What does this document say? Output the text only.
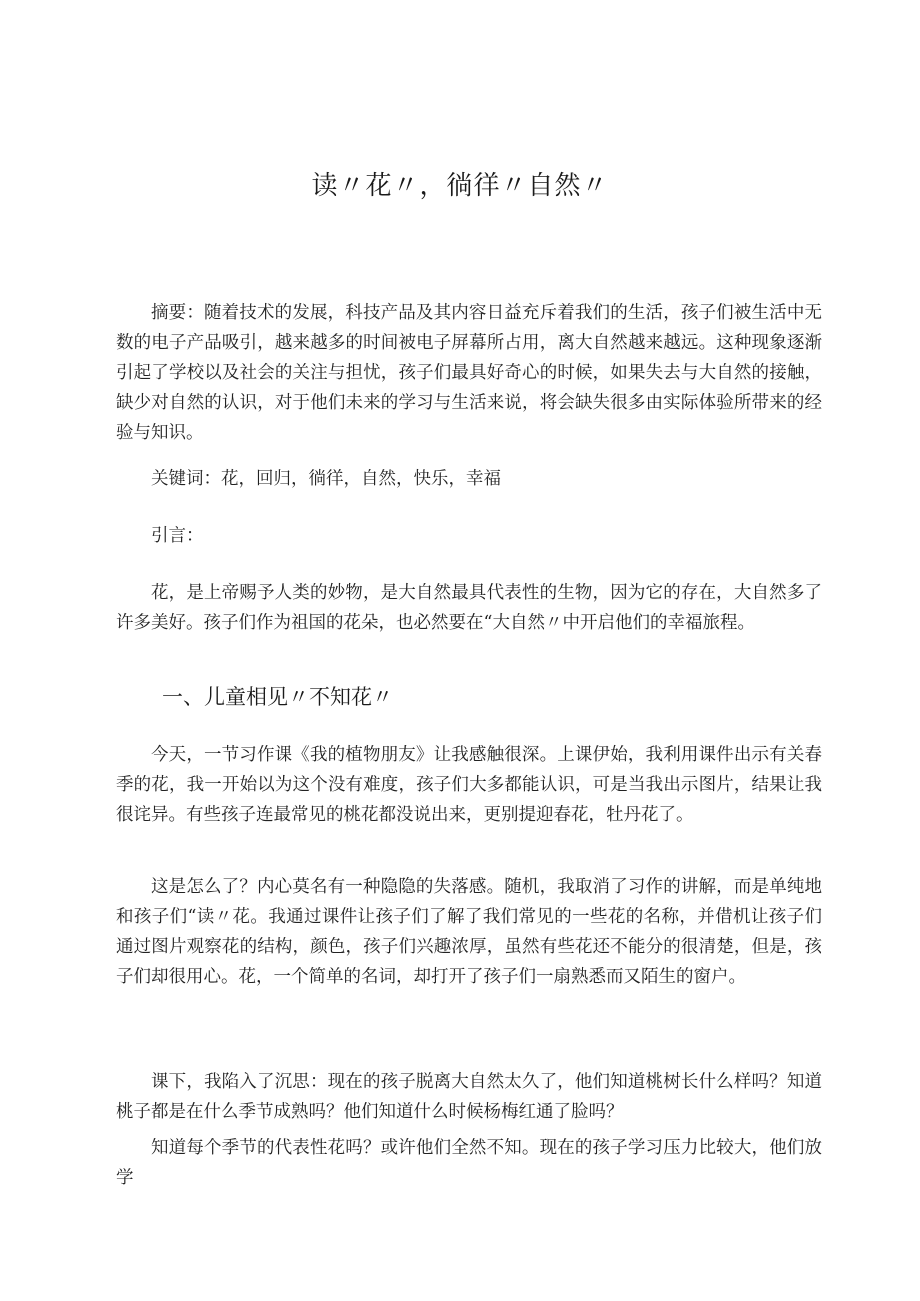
读〃花〃，徜徉〃自然〃

摘要：随着技术的发展，科技产品及其内容日益充斥着我们的生活，孩子们被生活中无数的电子产品吸引，越来越多的时间被电子屏幕所占用，离大自然越来越远。这种现象逐渐引起了学校以及社会的关注与担忧，孩子们最具好奇心的时候，如果失去与大自然的接触，缺少对自然的认识，对于他们未来的学习与生活来说，将会缺失很多由实际体验所带来的经验与知识。

关键词：花，回归，徜徉，自然，快乐，幸福

引言：

花，是上帝赐予人类的妙物，是大自然最具代表性的生物，因为它的存在，大自然多了许多美好。孩子们作为祖国的花朵，也必然要在“大自然〃中开启他们的幸福旅程。

一、儿童相见〃不知花〃

今天，一节习作课《我的植物朋友》让我感触很深。上课伊始，我利用课件出示有关春季的花，我一开始以为这个没有难度，孩子们大多都能认识，可是当我出示图片，结果让我很诧异。有些孩子连最常见的桃花都没说出来，更别提迎春花，牡丹花了。

这是怎么了？内心莫名有一种隐隐的失落感。随机，我取消了习作的讲解，而是单纯地和孩子们“读〃花。我通过课件让孩子们了解了我们常见的一些花的名称，并借机让孩子们通过图片观察花的结构，颜色，孩子们兴趣浓厚，虽然有些花还不能分的很清楚，但是，孩子们却很用心。花，一个简单的名词，却打开了孩子们一扇熟悉而又陌生的窗户。

课下，我陷入了沉思：现在的孩子脱离大自然太久了，他们知道桃树长什么样吗？知道桃子都是在什么季节成熟吗？他们知道什么时候杨梅红通了脸吗？

知道每个季节的代表性花吗？或许他们全然不知。现在的孩子学习压力比较大，他们放学
